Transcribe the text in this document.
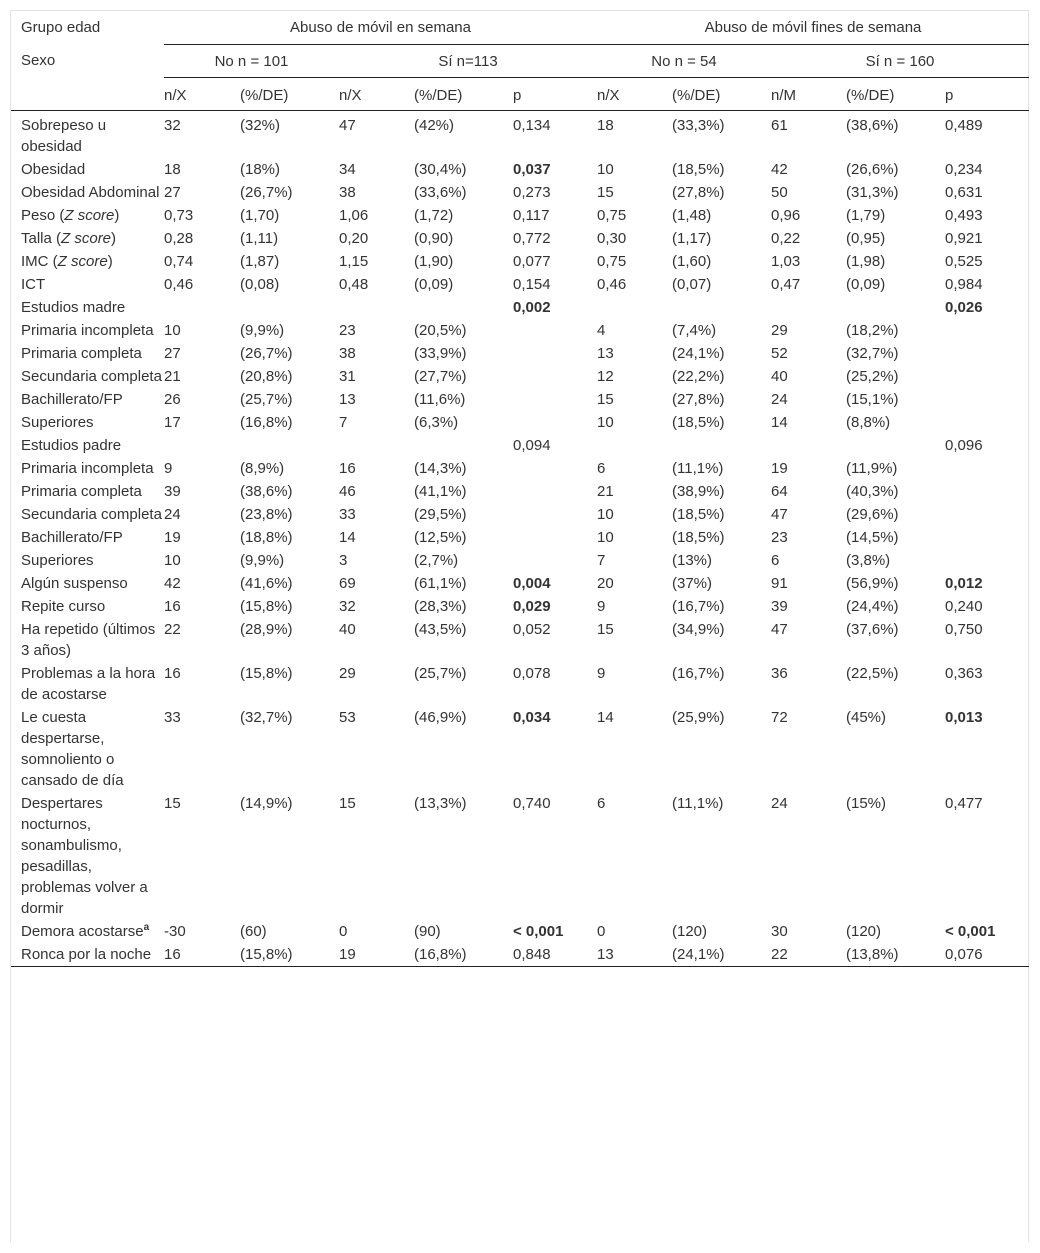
Grupo edad	Abuso de móvil en semana					Abuso de móvil fines de semana				
Sexo	No n = 101		Sí n=113			No n = 54		Sí n = 160		
	n/X	(%/DE)	n/X	(%/DE)	p	n/X	(%/DE)	n/M	(%/DE)	p
Sobrepeso u obesidad	32	(32%)	47	(42%)	0,134	18	(33,3%)	61	(38,6%)	0,489
Obesidad	18	(18%)	34	(30,4%)	0,037	10	(18,5%)	42	(26,6%)	0,234
Obesidad Abdominal	27	(26,7%)	38	(33,6%)	0,273	15	(27,8%)	50	(31,3%)	0,631
Peso (Z score)	0,73	(1,70)	1,06	(1,72)	0,117	0,75	(1,48)	0,96	(1,79)	0,493
Talla (Z score)	0,28	(1,11)	0,20	(0,90)	0,772	0,30	(1,17)	0,22	(0,95)	0,921
IMC (Z score)	0,74	(1,87)	1,15	(1,90)	0,077	0,75	(1,60)	1,03	(1,98)	0,525
ICT	0,46	(0,08)	0,48	(0,09)	0,154	0,46	(0,07)	0,47	(0,09)	0,984
Estudios madre					0,002					0,026
Primaria incompleta	10	(9,9%)	23	(20,5%)		4	(7,4%)	29	(18,2%)	
Primaria completa	27	(26,7%)	38	(33,9%)		13	(24,1%)	52	(32,7%)	
Secundaria completa	21	(20,8%)	31	(27,7%)		12	(22,2%)	40	(25,2%)	
Bachillerato/FP	26	(25,7%)	13	(11,6%)		15	(27,8%)	24	(15,1%)	
Superiores	17	(16,8%)	7	(6,3%)		10	(18,5%)	14	(8,8%)	
Estudios padre					0,094					0,096
Primaria incompleta	9	(8,9%)	16	(14,3%)		6	(11,1%)	19	(11,9%)	
Primaria completa	39	(38,6%)	46	(41,1%)		21	(38,9%)	64	(40,3%)	
Secundaria completa	24	(23,8%)	33	(29,5%)		10	(18,5%)	47	(29,6%)	
Bachillerato/FP	19	(18,8%)	14	(12,5%)		10	(18,5%)	23	(14,5%)	
Superiores	10	(9,9%)	3	(2,7%)		7	(13%)	6	(3,8%)	
Algún suspenso	42	(41,6%)	69	(61,1%)	0,004	20	(37%)	91	(56,9%)	0,012
Repite curso	16	(15,8%)	32	(28,3%)	0,029	9	(16,7%)	39	(24,4%)	0,240
Ha repetido (últimos 3 años)	22	(28,9%)	40	(43,5%)	0,052	15	(34,9%)	47	(37,6%)	0,750
Problemas a la hora de acostarse	16	(15,8%)	29	(25,7%)	0,078	9	(16,7%)	36	(22,5%)	0,363
Le cuesta despertarse, somnoliento o cansado de día	33	(32,7%)	53	(46,9%)	0,034	14	(25,9%)	72	(45%)	0,013
Despertares nocturnos, sonambulismo, pesadillas, problemas volver a dormir	15	(14,9%)	15	(13,3%)	0,740	6	(11,1%)	24	(15%)	0,477
Demora acostarse$^a$	-30	(60)	0	(90)	< 0,001	0	(120)	30	(120)	< 0,001
Ronca por la noche	16	(15,8%)	19	(16,8%)	0,848	13	(24,1%)	22	(13,8%)	0,076
